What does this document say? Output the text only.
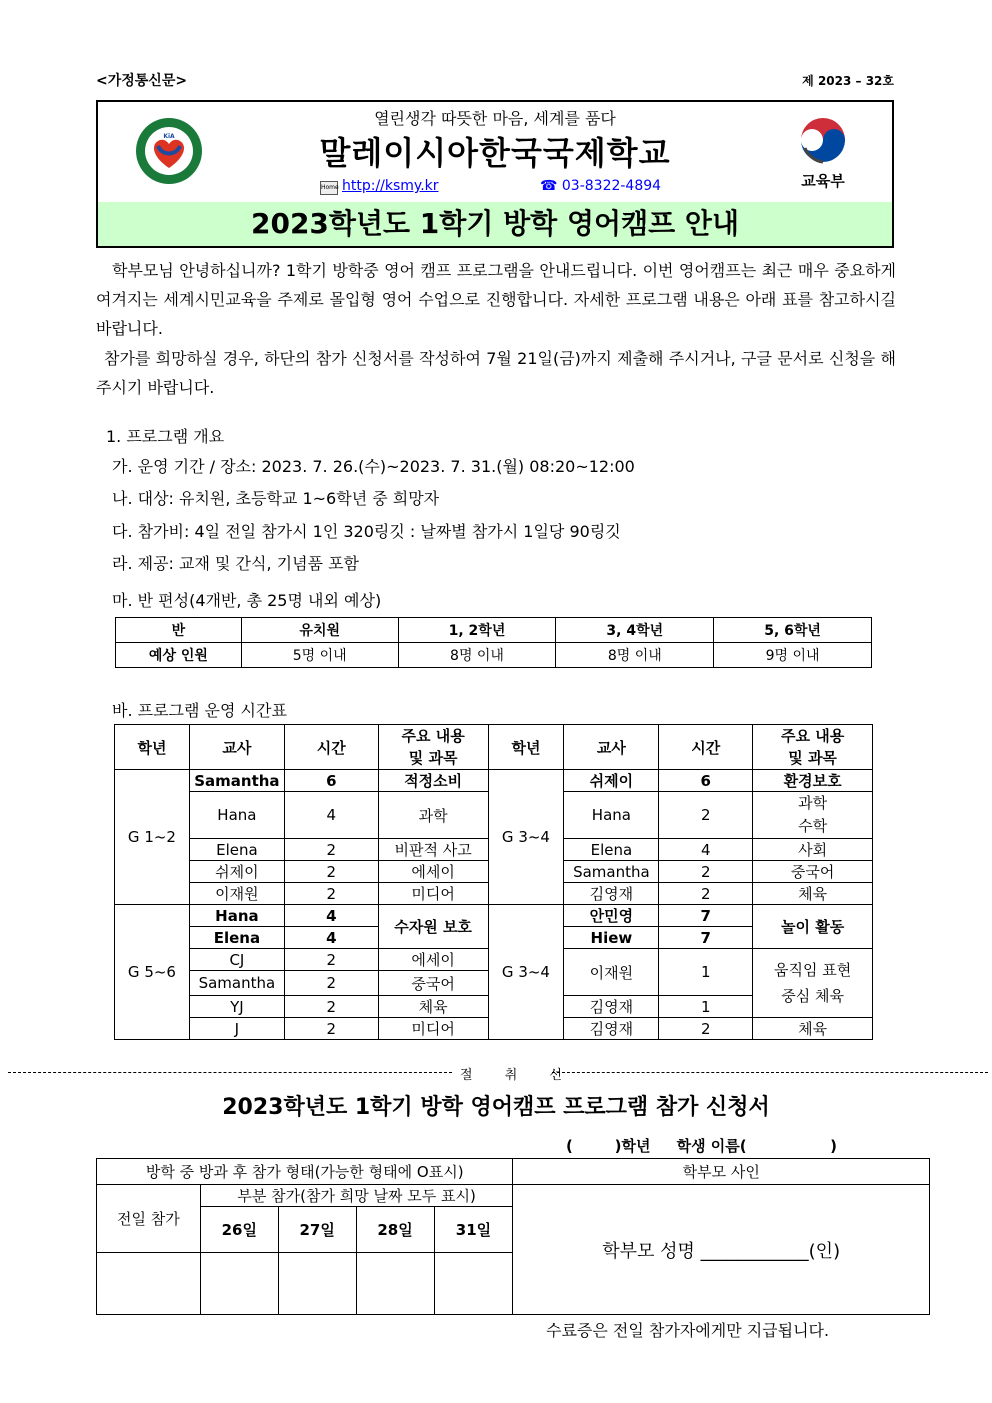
<가정통신문>	제 2023 – 32호
KiA
열린생각 따뜻한 마음, 세계를 품다
말레이시아한국국제학교
Home http://ksmy.kr	☎ 03-8322-4894	교육부
2023학년도 1학기 방학 영어캠프 안내
학부모님 안녕하십니까? 1학기 방학중 영어 캠프 프로그램을 안내드립니다. 이번 영어캠프는 최근 매우 중요하게 여겨지는 세계시민교육을 주제로 몰입형 영어 수업으로 진행합니다. 자세한 프로그램 내용은 아래 표를 참고하시길 바랍니다.
참가를 희망하실 경우, 하단의 참가 신청서를 작성하여 7월 21일(금)까지 제출해 주시거나, 구글 문서로 신청을 해주시기 바랍니다.
1. 프로그램 개요
가. 운영 기간 / 장소: 2023. 7. 26.(수)~2023. 7. 31.(월) 08:20~12:00
나. 대상: 유치원, 초등학교 1~6학년 중 희망자
다. 참가비: 4일 전일 참가시 1인 320링깃 : 날짜별 참가시 1일당 90링깃
라. 제공: 교재 및 간식, 기념품 포함
마. 반 편성(4개반, 총 25명 내외 예상)
반	유치원	1, 2학년	3, 4학년	5, 6학년
예상 인원	5명 이내	8명 이내	8명 이내	9명 이내
바. 프로그램 운영 시간표
학년	교사	시간	주요 내용
및 과목	학년	교사	시간	주요 내용
및 과목
G 1~2	Samantha	6	적정소비	G 3~4	쉬제이	6	환경보호
	Hana	4	과학		Hana	2	과학
수학
	Elena	2	비판적 사고		Elena	4	사회
	쉬제이	2	에세이		Samantha	2	중국어
	이재원	2	미디어		김영재	2	체육
G 5~6	Hana	4	수자원 보호	G 3~4	안민영	7	놀이 활동
	Elena	4			Hiew	7	
	CJ	2	에세이		이재원	1	움직임 표현
중심 체육
	Samantha	2	중국어				
	YJ	2	체육		김영재	1	
	J	2	미디어		김영재	2	체육
절 취 선
2023학년도 1학기 방학 영어캠프 프로그램 참가 신청서
(        )학년     학생 이름(                )
방학 중 방과 후 참가 형태(가능한 형태에 O표시)					학부모 사인
전일 참가	부분 참가(참가 희망 날짜 모두 표시)				학부모 성명 ____________(인)
	26일	27일	28일	31일	

수료증은 전일 참가자에게만 지급됩니다.
